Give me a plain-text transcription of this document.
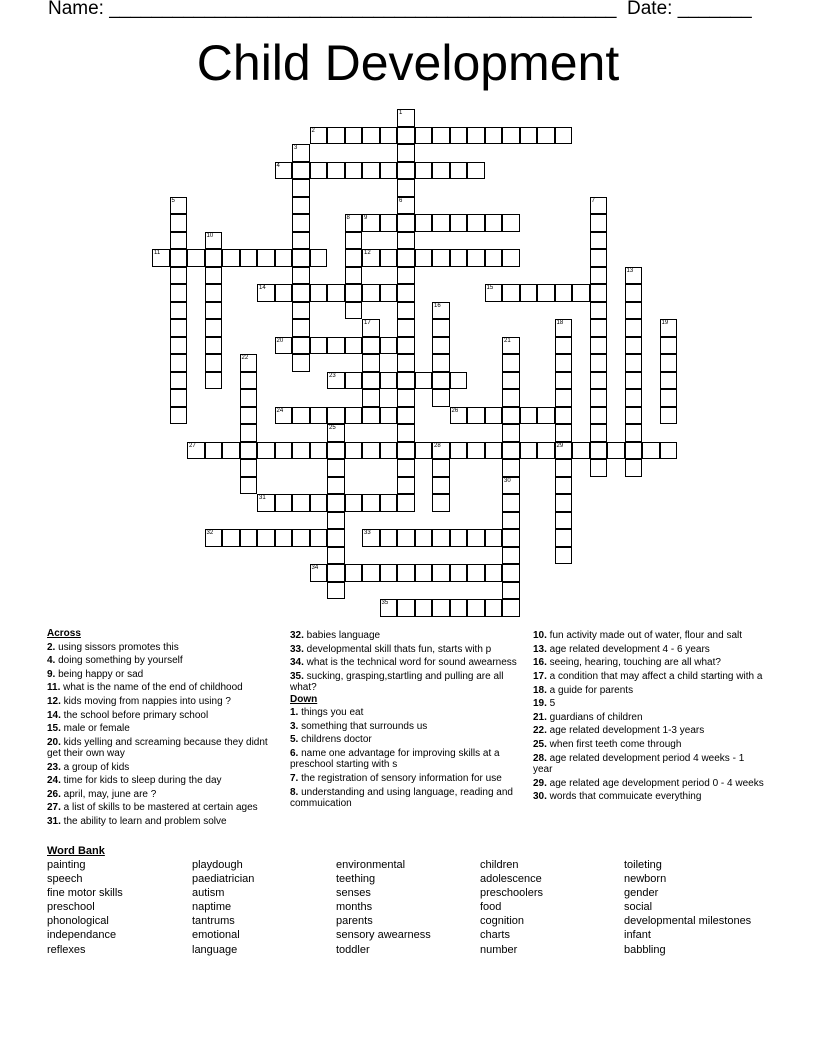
Name: ________________________________________________ Date: _______
Child Development
1
6
3
5	7
8
10
13
16
17	18
29
19
21
30
22
25
28
2
4
9
11	12
14	15
20
23
24	26
27
31
32	33
34
35
Across
2. using sissors promotes this
4. doing something by yourself
9. being happy or sad
11. what is the name of the end of childhood
12. kids moving from nappies into using ?
14. the school before primary school
15. male or female
20. kids yelling and screaming because they didnt get their own way
23. a group of kids
24. time for kids to sleep during the day
26. april, may, june are ?
27. a list of skills to be mastered at certain ages
31. the ability to learn and problem solve
32. babies language
33. developmental skill thats fun, starts with p
34. what is the technical word for sound awearness
35. sucking, grasping,startling and pulling are all what?
Down
1. things you eat
3. something that surrounds us
5. childrens doctor
6. name one advantage for improving skills at a preschool starting with s
7. the registration of sensory information for use
8. understanding and using language, reading and commuication
10. fun activity made out of water, flour and salt
13. age related development 4 - 6 years
16. seeing, hearing, touching are all what?
17. a condition that may affect a child starting with a
18. a guide for parents
19. 5
21. guardians of children
22. age related development 1-3 years
25. when first teeth come through
28. age related development period 4 weeks - 1 year
29. age related age development period 0 - 4 weeks
30. words that commuicate everything
Word Bank
painting
speech
fine motor skills
preschool
phonological
independance
reflexes
playdough
paediatrician
autism
naptime
tantrums
emotional
language
environmental
teething
senses
months
parents
sensory awearness
toddler
children
adolescence
preschoolers
food
cognition
charts
number
toileting
newborn
gender
social
developmental milestones
infant
babbling
